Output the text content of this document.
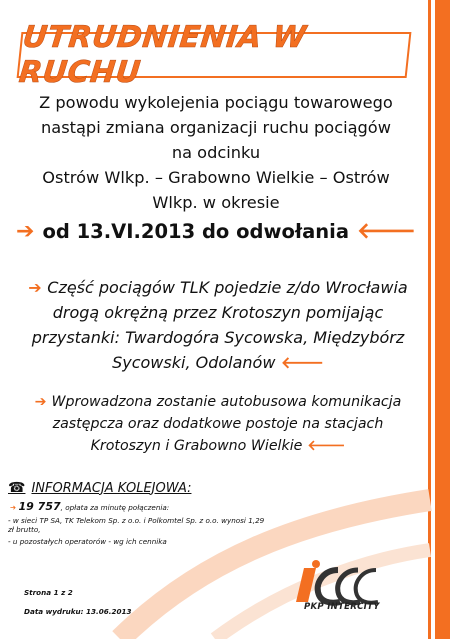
UTRUDNIENIA W RUCHU
Z powodu wykolejenia pociągu towarowego
nastąpi zmiana organizacji ruchu pociągów
na odcinku
Ostrów Wlkp. – Grabowno Wielkie – Ostrów
Wlkp. w okresie
➔ od 13.VI.2013 do odwołania 🡐
➔ Część pociągów TLK pojedzie z/do Wrocławia
drogą okrężną przez Krotoszyn pomijając
przystanki: Twardogóra Sycowska, Międzybórz
Sycowski, Odolanów 🡐
➔ Wprowadzona zostanie autobusowa komunikacja
zastępcza oraz dodatkowe postoje na stacjach
Krotoszyn i Grabowno Wielkie 🡐
☎ INFORMACJA KOLEJOWA:
➔ 19 757, opłata za minutę połączenia:
- w sieci TP SA, TK Telekom Sp. z o.o. i Polkomtel Sp. z o.o. wynosi 1,29 zł brutto,
- u pozostałych operatorów - wg ich cennika
Strona 1 z 2
Data wydruku: 13.06.2013	PKP INTERCITY
